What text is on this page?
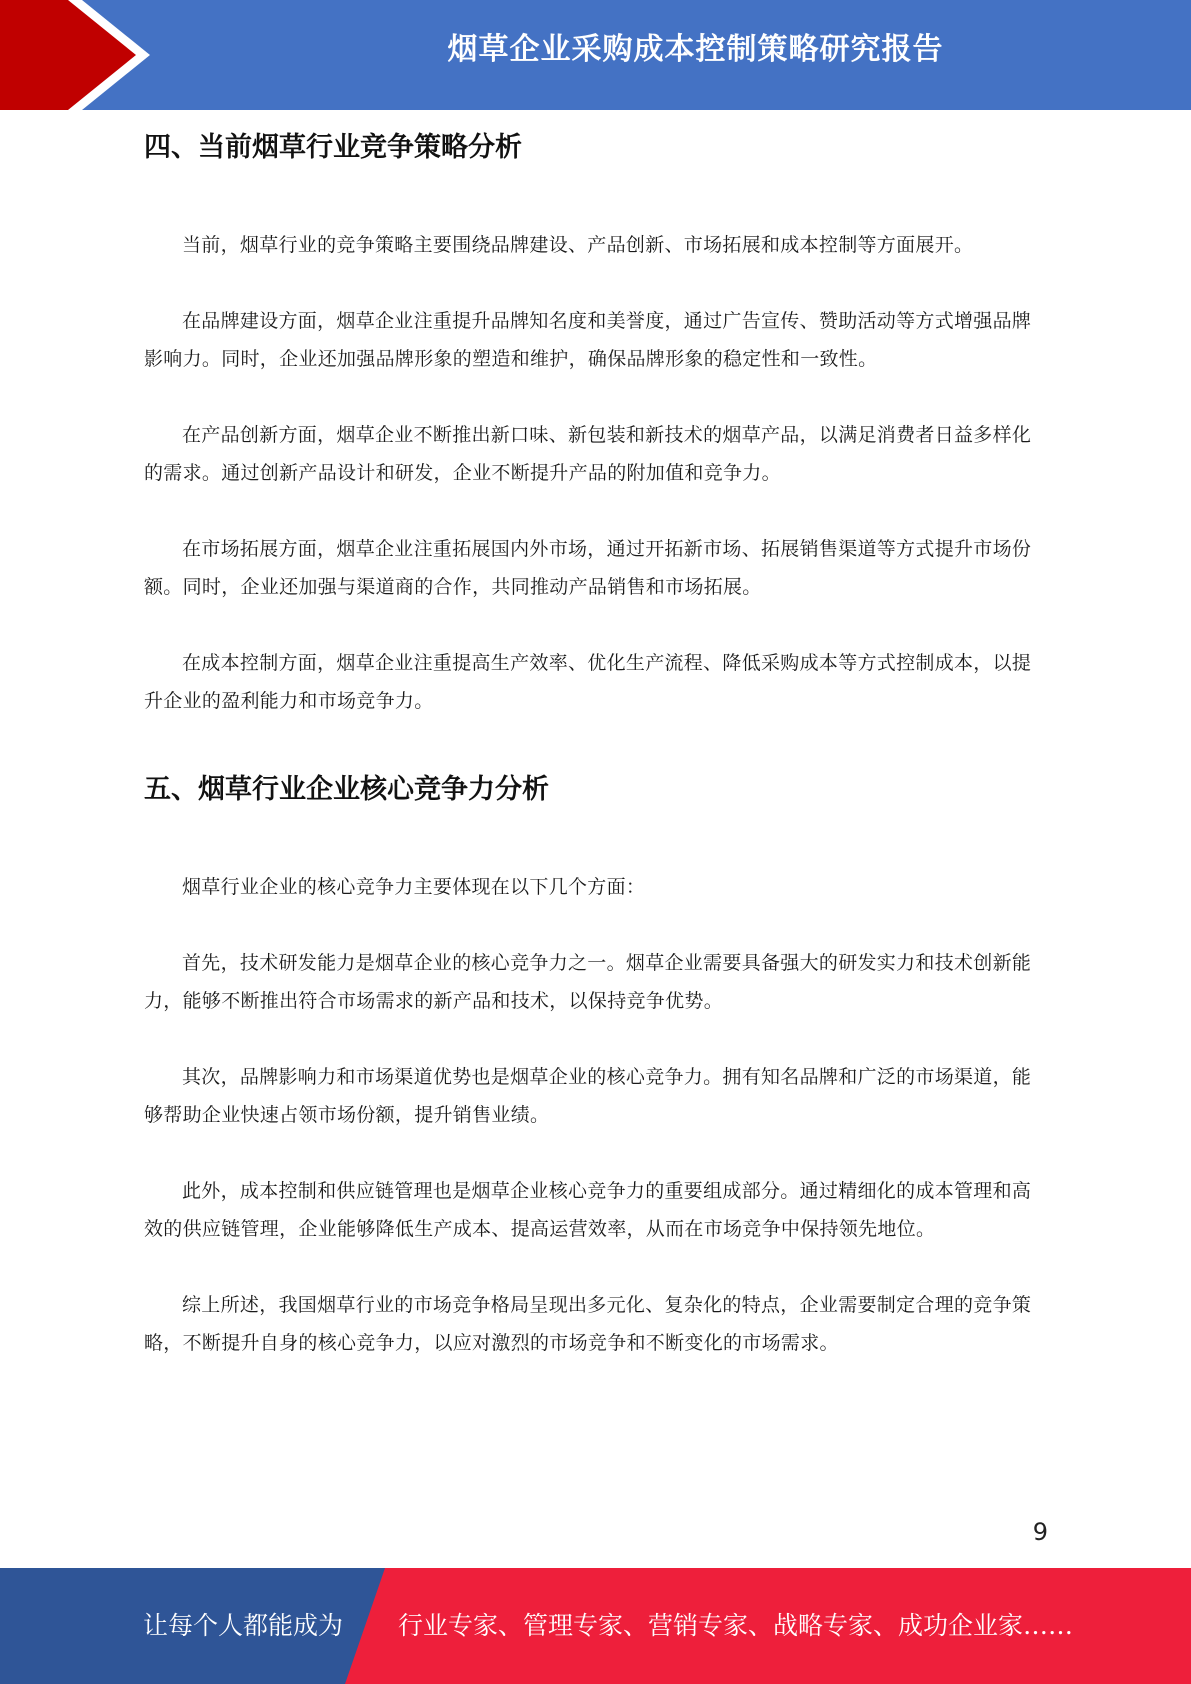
烟草企业采购成本控制策略研究报告
四、当前烟草行业竞争策略分析

当前，烟草行业的竞争策略主要围绕品牌建设、产品创新、市场拓展和成本控制等方面展开。

在品牌建设方面，烟草企业注重提升品牌知名度和美誉度，通过广告宣传、赞助活动等方式增强品牌影响力。同时，企业还加强品牌形象的塑造和维护，确保品牌形象的稳定性和一致性。

在产品创新方面，烟草企业不断推出新口味、新包装和新技术的烟草产品，以满足消费者日益多样化的需求。通过创新产品设计和研发，企业不断提升产品的附加值和竞争力。

在市场拓展方面，烟草企业注重拓展国内外市场，通过开拓新市场、拓展销售渠道等方式提升市场份额。同时，企业还加强与渠道商的合作，共同推动产品销售和市场拓展。

在成本控制方面，烟草企业注重提高生产效率、优化生产流程、降低采购成本等方式控制成本，以提升企业的盈利能力和市场竞争力。

五、烟草行业企业核心竞争力分析

烟草行业企业的核心竞争力主要体现在以下几个方面：

首先，技术研发能力是烟草企业的核心竞争力之一。烟草企业需要具备强大的研发实力和技术创新能力，能够不断推出符合市场需求的新产品和技术，以保持竞争优势。

其次，品牌影响力和市场渠道优势也是烟草企业的核心竞争力。拥有知名品牌和广泛的市场渠道，能够帮助企业快速占领市场份额，提升销售业绩。

此外，成本控制和供应链管理也是烟草企业核心竞争力的重要组成部分。通过精细化的成本管理和高效的供应链管理，企业能够降低生产成本、提高运营效率，从而在市场竞争中保持领先地位。

综上所述，我国烟草行业的市场竞争格局呈现出多元化、复杂化的特点，企业需要制定合理的竞争策略，不断提升自身的核心竞争力，以应对激烈的市场竞争和不断变化的市场需求。

9
让每个人都能成为 行业专家、管理专家、营销专家、战略专家、成功企业家……
